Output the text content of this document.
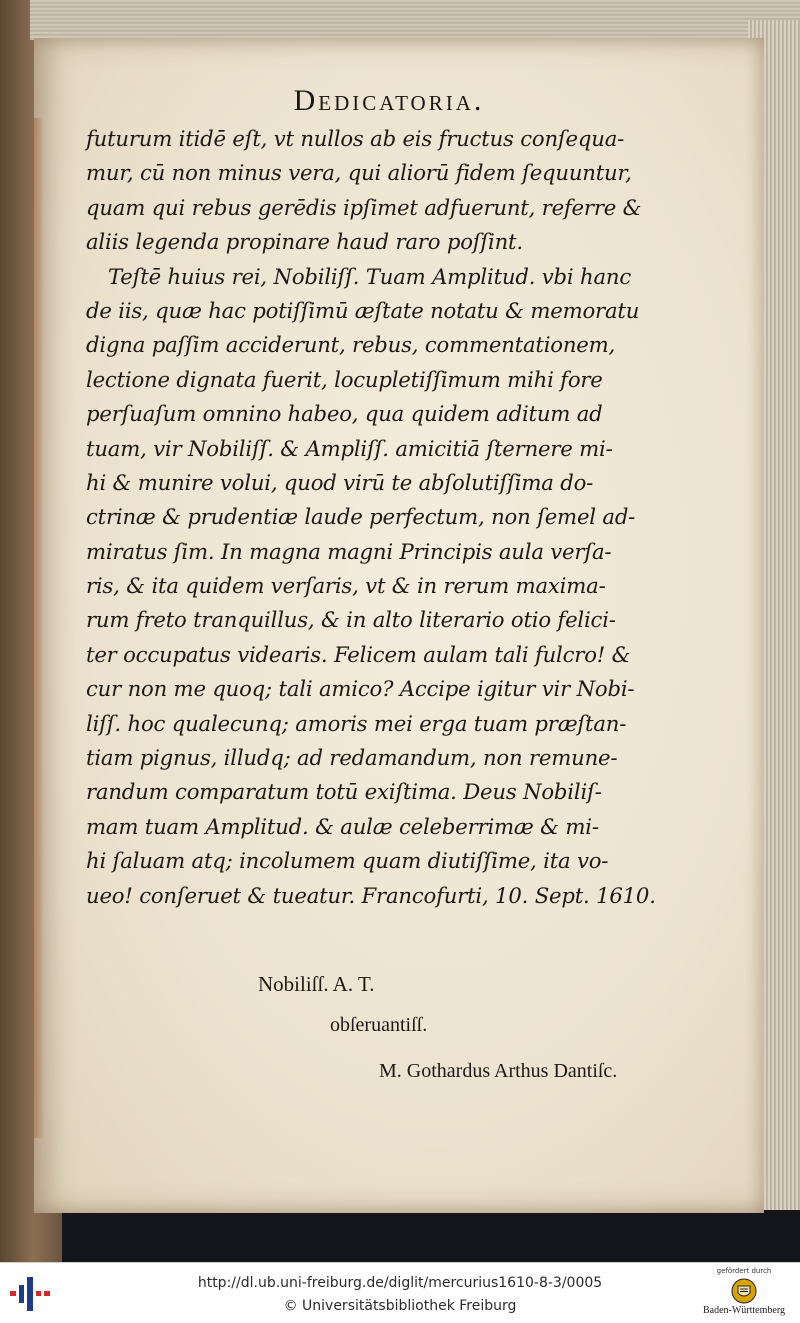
Dedicatoria.
futurum itidē eſt, vt nullos ab eis fructus conſequa-
mur, cū non minus vera, qui aliorū fidem ſequuntur,
quam qui rebus gerēdis ipſimet adfuerunt, referre &
aliis legenda propinare haud raro poſſint.
Teſtē huius rei, Nobiliſſ. Tuam Amplitud. vbi hanc
de iis, quæ hac potiſſimū æſtate notatu & memoratu
digna paſſim acciderunt, rebus, commentationem,
lectione dignata fuerit, locupletiſſimum mihi fore
perſuaſum omnino habeo, qua quidem aditum ad
tuam, vir Nobiliſſ. & Ampliſſ. amicitiā ſternere mi-
hi & munire volui, quod virū te abſolutiſſima do-
ctrinæ & prudentiæ laude perfectum, non ſemel ad-
miratus ſim. In magna magni Principis aula verſa-
ris, & ita quidem verſaris, vt & in rerum maxima-
rum freto tranquillus, & in alto literario otio felici-
ter occupatus videaris. Felicem aulam tali fulcro! &
cur non me quoq; tali amico? Accipe igitur vir Nobi-
liſſ. hoc qualecunq; amoris mei erga tuam præſtan-
tiam pignus, illudq; ad redamandum, non remune-
randum comparatum totū exiſtima. Deus Nobiliſ-
mam tuam Amplitud. & aulæ celeberrimæ & mi-
hi ſaluam atq; incolumem quam diutiſſime, ita vo-
ueo! conſeruet & tueatur. Francofurti, 10. Sept. 1610.
Nobiliſſ. A. T.
obſeruantiſſ.
M. Gothardus Arthus Dantiſc.
http://dl.ub.uni-freiburg.de/diglit/mercurius1610-8-3/0005
© Universitätsbibliothek Freiburg
gefördert durch
Baden-Württemberg
